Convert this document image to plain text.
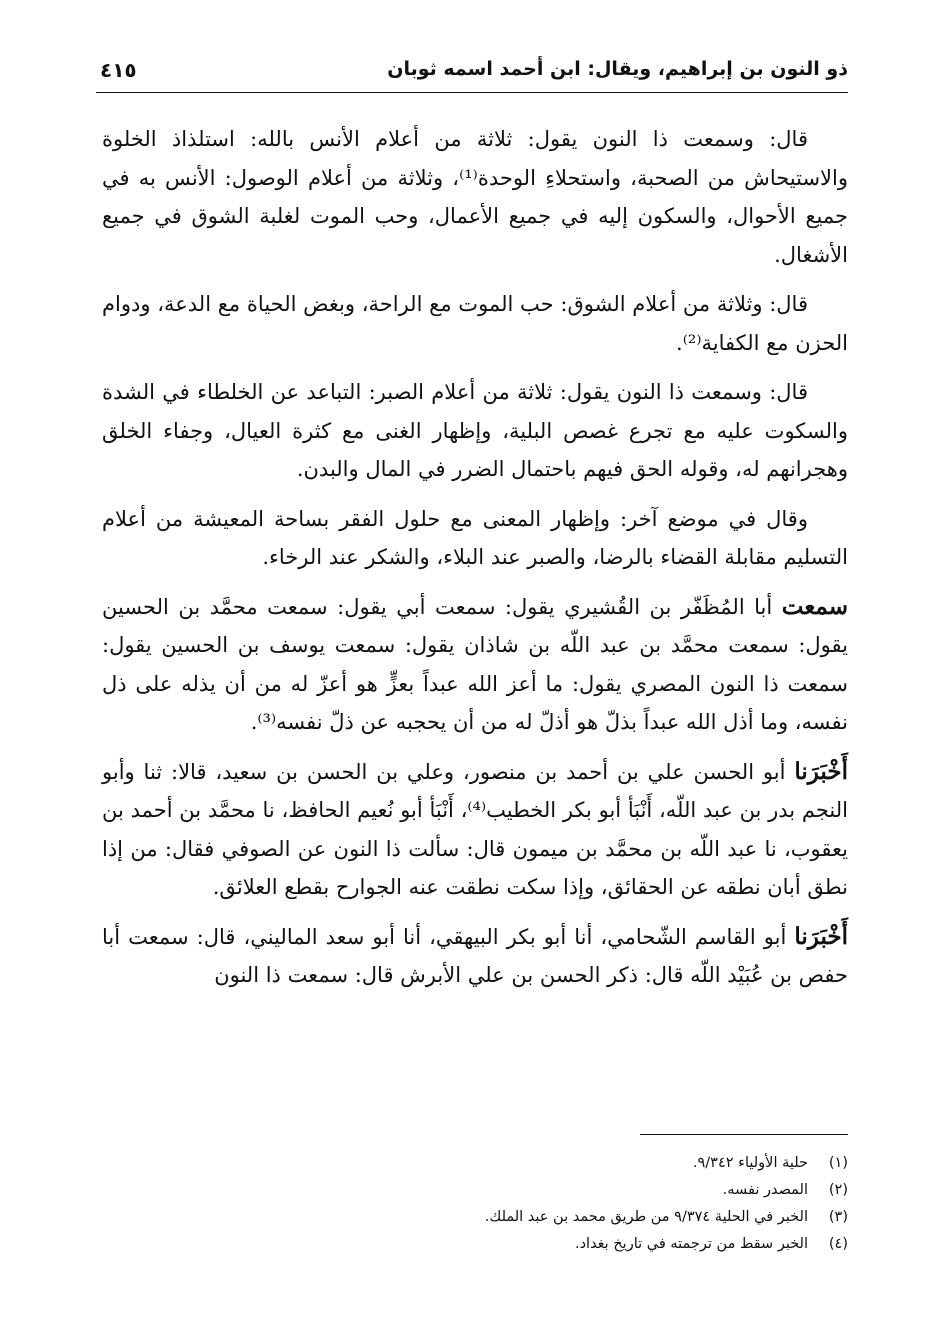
ذو النون بن إبراهيم، ويقال: ابن أحمد اسمه ثوبان
٤١٥

قال: وسمعت ذا النون يقول: ثلاثة من أعلام الأنس بالله: استلذاذ الخلوة والاستيحاش من الصحبة، واستحلاءِ الوحدة⁽¹⁾، وثلاثة من أعلام الوصول: الأنس به في جميع الأحوال، والسكون إليه في جميع الأعمال، وحب الموت لغلبة الشوق في جميع الأشغال.

قال: وثلاثة من أعلام الشوق: حب الموت مع الراحة، وبغض الحياة مع الدعة، ودوام الحزن مع الكفاية⁽²⁾.

قال: وسمعت ذا النون يقول: ثلاثة من أعلام الصبر: التباعد عن الخلطاء في الشدة والسكوت عليه مع تجرع غصص البلية، وإظهار الغنى مع كثرة العيال، وجفاء الخلق وهجرانهم له، وقوله الحق فيهم باحتمال الضرر في المال والبدن.

وقال في موضع آخر: وإظهار المعنى مع حلول الفقر بساحة المعيشة من أعلام التسليم مقابلة القضاء بالرضا، والصبر عند البلاء، والشكر عند الرخاء.

سمعت أبا المُظَفّر بن القُشيري يقول: سمعت أبي يقول: سمعت محمَّد بن الحسين يقول: سمعت محمَّد بن عبد اللّه بن شاذان يقول: سمعت يوسف بن الحسين يقول: سمعت ذا النون المصري يقول: ما أعز الله عبداً بعزٍّ هو أعزّ له من أن يذله على ذل نفسه، وما أذل الله عبداً بذلّ هو أذلّ له من أن يحجبه عن ذلّ نفسه⁽³⁾.

أَخْبَرَنا أبو الحسن علي بن أحمد بن منصور، وعلي بن الحسن بن سعيد، قالا: ثنا وأبو النجم بدر بن عبد اللّه، أَنْبَأ أبو بكر الخطيب⁽⁴⁾، أَنْبَأ أبو نُعيم الحافظ، نا محمَّد بن أحمد بن يعقوب، نا عبد اللّه بن محمَّد بن ميمون قال: سألت ذا النون عن الصوفي فقال: من إذا نطق أبان نطقه عن الحقائق، وإذا سكت نطقت عنه الجوارح بقطع العلائق.

أَخْبَرَنا أبو القاسم الشّحامي، أنا أبو بكر البيهقي، أنا أبو سعد الماليني، قال: سمعت أبا حفص بن عُبَيْد اللّه قال: ذكر الحسن بن علي الأبرش قال: سمعت ذا النون

(١)حلية الأولياء ٩/٣٤٢.
(٢)المصدر نفسه.
(٣)الخبر في الحلية ٩/٣٧٤ من طريق محمد بن عبد الملك.
(٤)الخبر سقط من ترجمته في تاريخ بغداد.
